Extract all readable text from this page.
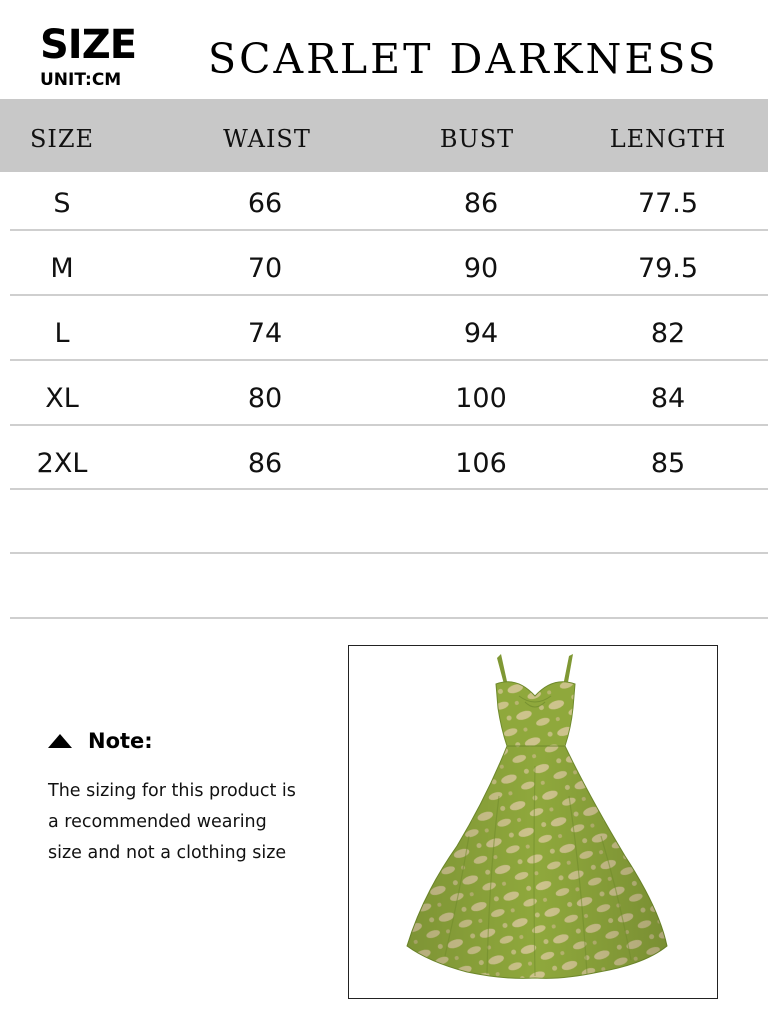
SIZE
UNIT:CM	SCARLET DARKNESS
SIZE	WAIST	BUST	LENGTH
S	66	86	77.5
M	70	90	79.5
L	74	94	82
XL	80	100	84
2XL	86	106	85
Note:
The sizing for this product is
a recommended wearing
size and not a clothing size
